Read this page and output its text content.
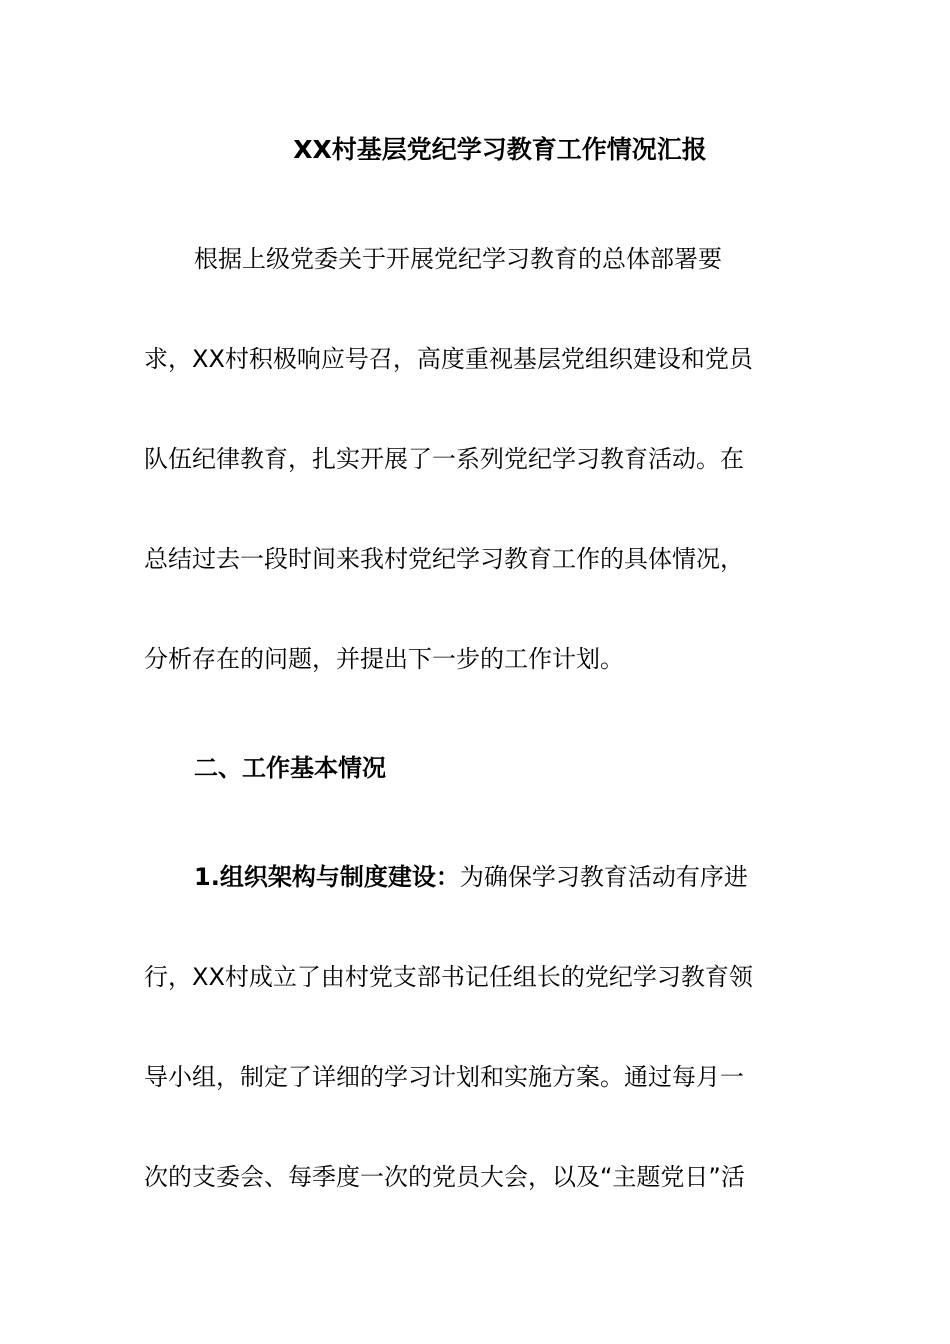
XX村基层党纪学习教育工作情况汇报

根据上级党委关于开展党纪学习教育的总体部署要

求，XX村积极响应号召，高度重视基层党组织建设和党员

队伍纪律教育，扎实开展了一系列党纪学习教育活动。在

总结过去一段时间来我村党纪学习教育工作的具体情况，

分析存在的问题，并提出下一步的工作计划。

二、工作基本情况

1.组织架构与制度建设：为确保学习教育活动有序进

行，XX村成立了由村党支部书记任组长的党纪学习教育领

导小组，制定了详细的学习计划和实施方案。通过每月一

次的支委会、每季度一次的党员大会，以及“主题党日”活
